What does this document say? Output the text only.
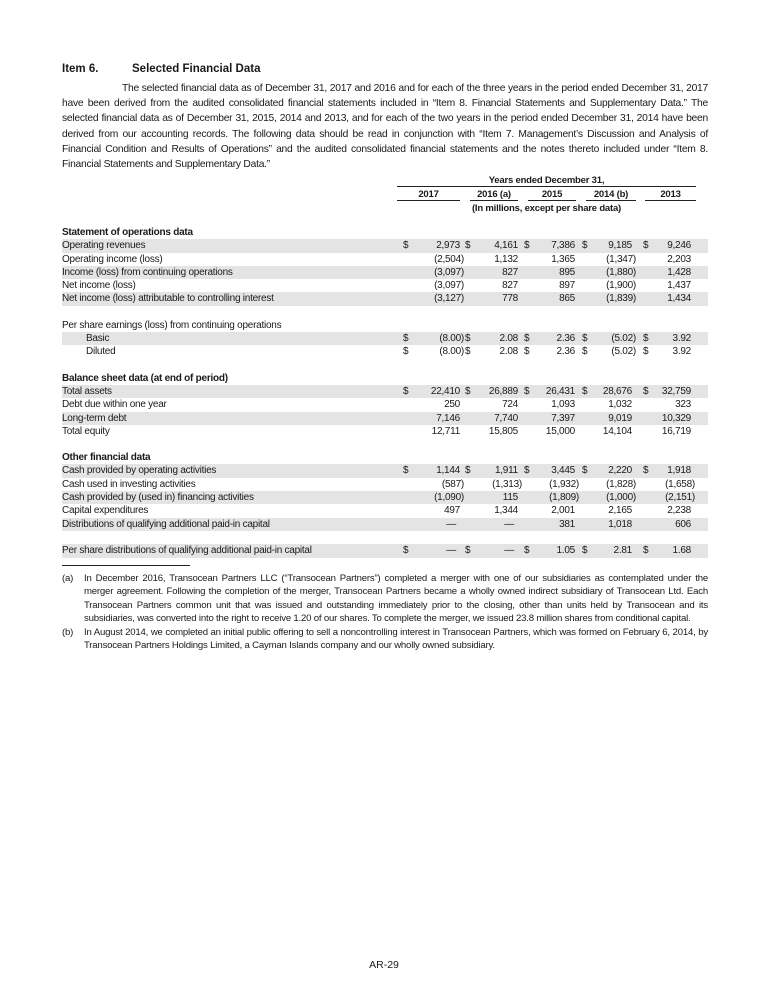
Item 6.	Selected Financial Data

The selected financial data as of December 31, 2017 and 2016 and for each of the three years in the period ended December 31, 2017 have been derived from the audited consolidated financial statements included in “Item 8. Financial Statements and Supplementary Data.” The selected financial data as of December 31, 2015, 2014 and 2013, and for each of the two years in the period ended December 31, 2014 have been derived from our accounting records. The following data should be read in conjunction with “Item 7. Management’s Discussion and Analysis of Financial Condition and Results of Operations” and the audited consolidated financial statements and the notes thereto included under “Item 8. Financial Statements and Supplementary Data.”

Years ended December 31,
2017	2016 (a)	2015	2014 (b)	2013
(In millions, except per share data)
Statement of operations data
Operating revenues	$	2,973 $	4,161 $	7,386 $	9,185 $	9,246
Operating income (loss)	(2,504)	1,132	1,365	(1,347)	2,203
Income (loss) from continuing operations	(3,097)	827	895	(1,880)	1,428
Net income (loss)	(3,097)	827	897	(1,900)	1,437
Net income (loss) attributable to controlling interest	(3,127)	778	865	(1,839)	1,434
Per share earnings (loss) from continuing operations
Basic	$	(8.00) $	2.08 $	2.36 $	(5.02) $	3.92
Diluted	$	(8.00) $	2.08 $	2.36 $	(5.02) $	3.92
Balance sheet data (at end of period)
Total assets	$	22,410 $	26,889 $	26,431 $	28,676 $	32,759
Debt due within one year	250	724	1,093	1,032	323
Long-term debt	7,146	7,740	7,397	9,019	10,329
Total equity	12,711	15,805	15,000	14,104	16,719
Other financial data
Cash provided by operating activities	$	1,144 $	1,911 $	3,445 $	2,220 $	1,918
Cash used in investing activities	(587)	(1,313)	(1,932)	(1,828)	(1,658)
Cash provided by (used in) financing activities	(1,090)	115	(1,809)	(1,000)	(2,151)
Capital expenditures	497	1,344	2,001	2,165	2,238
Distributions of qualifying additional paid-in capital	—	—	381	1,018	606
Per share distributions of qualifying additional paid-in capital	$	— $	— $	1.05 $	2.81 $	1.68
(a) In December 2016, Transocean Partners LLC (“Transocean Partners”) completed a merger with one of our subsidiaries as contemplated under the merger agreement. Following the completion of the merger, Transocean Partners became a wholly owned indirect subsidiary of Transocean Ltd. Each Transocean Partners common unit that was issued and outstanding immediately prior to the closing, other than units held by Transocean and its subsidiaries, was converted into the right to receive 1.20 of our shares. To complete the merger, we issued 23.8 million shares from conditional capital.
(b) In August 2014, we completed an initial public offering to sell a noncontrolling interest in Transocean Partners, which was formed on February 6, 2014, by Transocean Partners Holdings Limited, a Cayman Islands company and our wholly owned subsidiary.
AR-29
